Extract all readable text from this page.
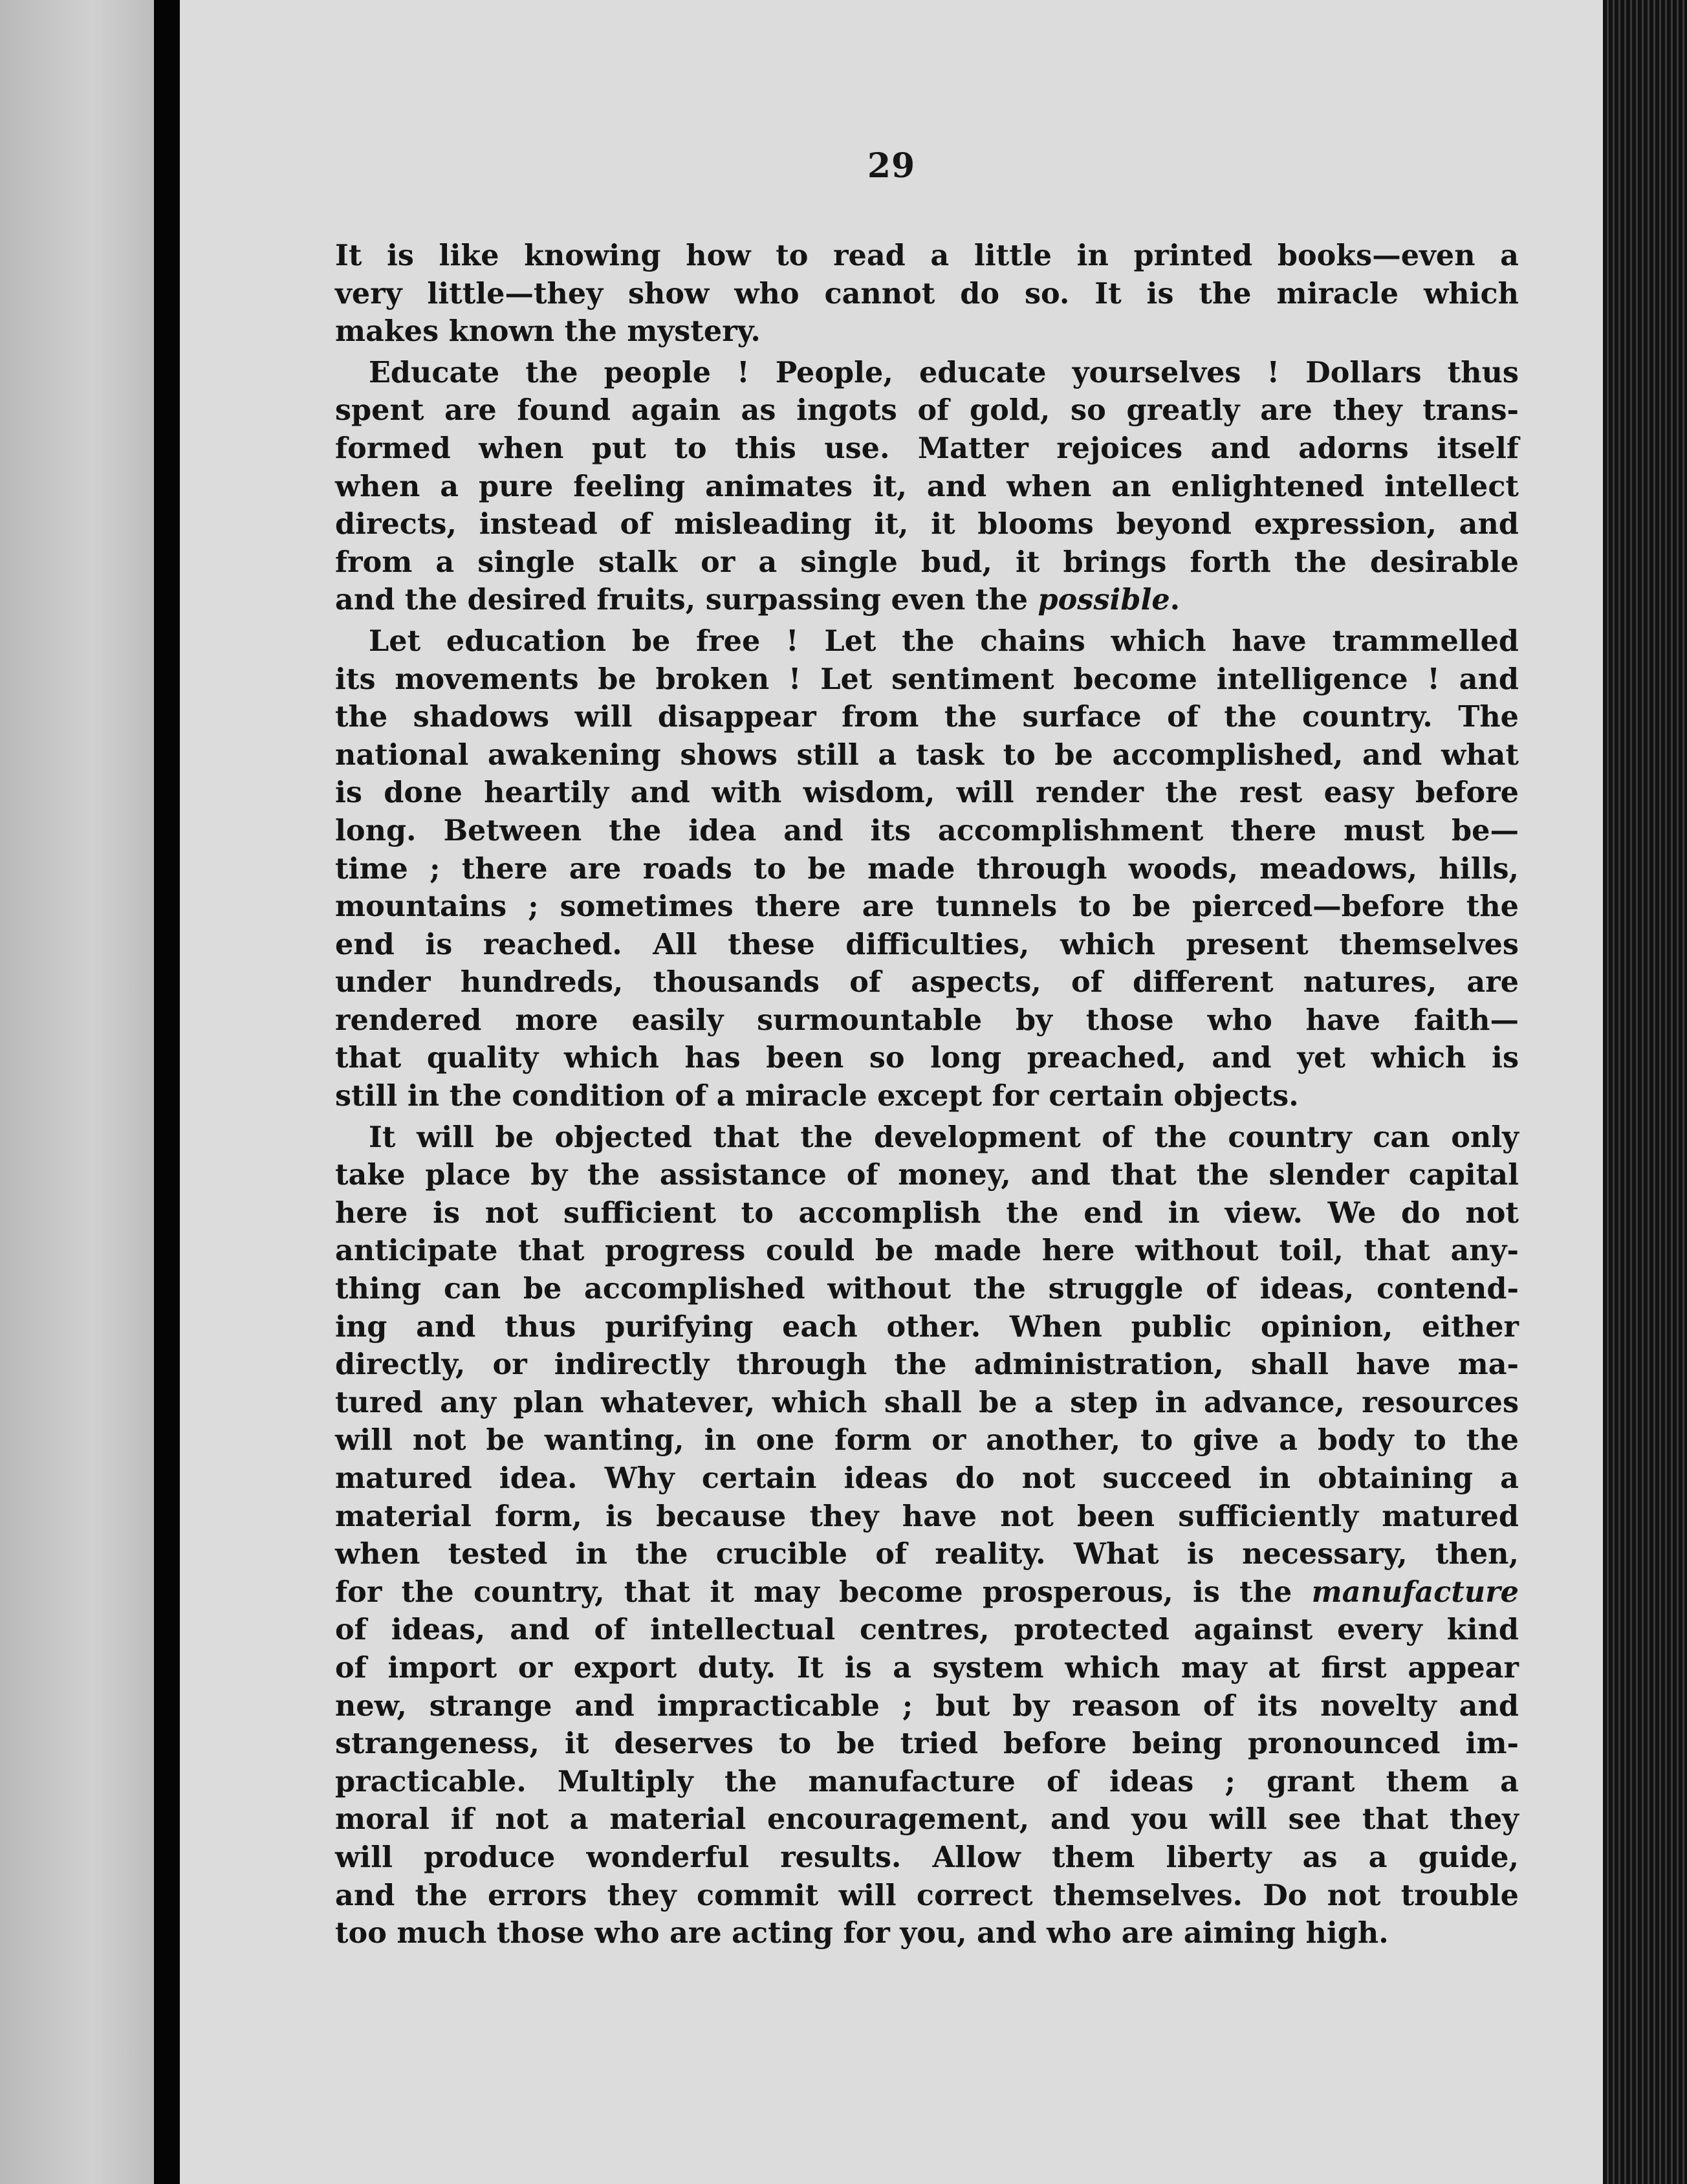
29
It is like knowing how to read a little in printed books—even a
very little—they show who cannot do so. It is the miracle which
makes known the mystery.
Educate the people ! People, educate yourselves ! Dollars thus
spent are found again as ingots of gold, so greatly are they trans-
formed when put to this use. Matter rejoices and adorns itself
when a pure feeling animates it, and when an enlightened intellect
directs, instead of misleading it, it blooms beyond expression, and
from a single stalk or a single bud, it brings forth the desirable
and the desired fruits, surpassing even the possible.
Let education be free ! Let the chains which have trammelled
its movements be broken ! Let sentiment become intelligence ! and
the shadows will disappear from the surface of the country. The
national awakening shows still a task to be accomplished, and what
is done heartily and with wisdom, will render the rest easy before
long. Between the idea and its accomplishment there must be—
time ; there are roads to be made through woods, meadows, hills,
mountains ; sometimes there are tunnels to be pierced—before the
end is reached. All these difficulties, which present themselves
under hundreds, thousands of aspects, of different natures, are
rendered more easily surmountable by those who have faith—
that quality which has been so long preached, and yet which is
still in the condition of a miracle except for certain objects.
It will be objected that the development of the country can only
take place by the assistance of money, and that the slender capital
here is not sufficient to accomplish the end in view. We do not
anticipate that progress could be made here without toil, that any-
thing can be accomplished without the struggle of ideas, contend-
ing and thus purifying each other. When public opinion, either
directly, or indirectly through the administration, shall have ma-
tured any plan whatever, which shall be a step in advance, resources
will not be wanting, in one form or another, to give a body to the
matured idea. Why certain ideas do not succeed in obtaining a
material form, is because they have not been sufficiently matured
when tested in the crucible of reality. What is necessary, then,
for the country, that it may become prosperous, is the manufacture
of ideas, and of intellectual centres, protected against every kind
of import or export duty. It is a system which may at first appear
new, strange and impracticable ; but by reason of its novelty and
strangeness, it deserves to be tried before being pronounced im-
practicable. Multiply the manufacture of ideas ; grant them a
moral if not a material encouragement, and you will see that they
will produce wonderful results. Allow them liberty as a guide,
and the errors they commit will correct themselves. Do not trouble
too much those who are acting for you, and who are aiming high.
